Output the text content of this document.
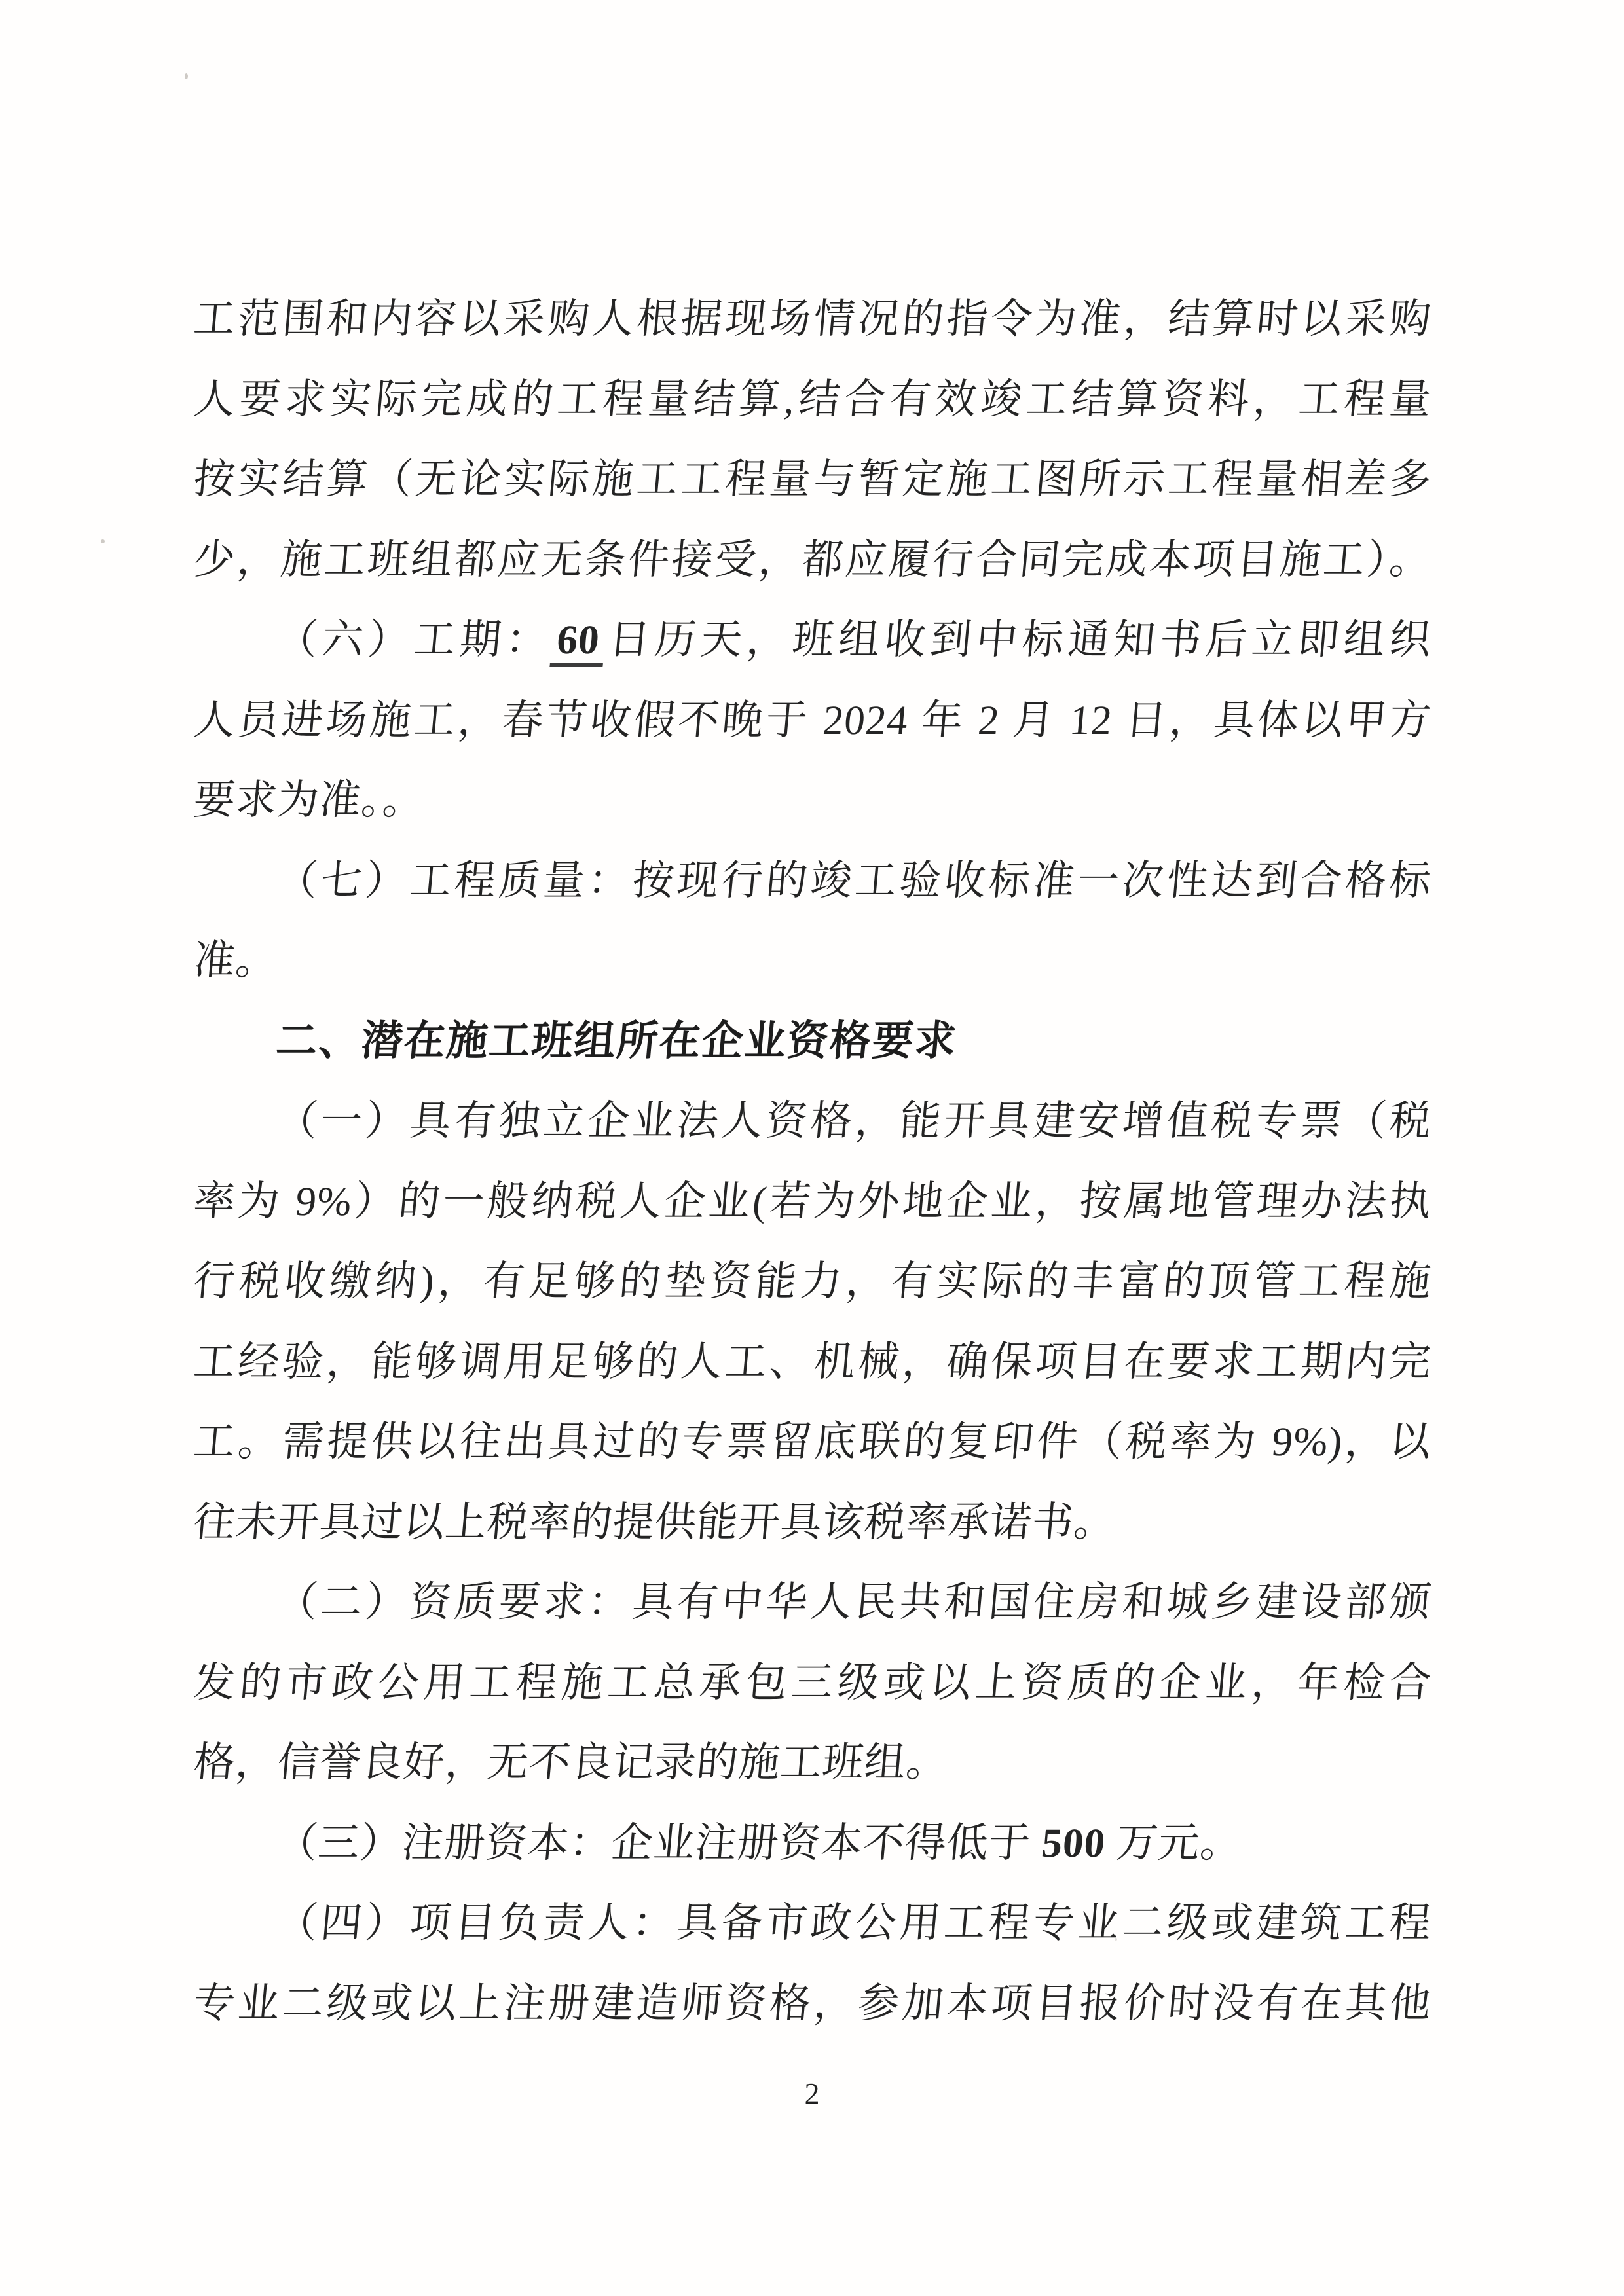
工范围和内容以采购人根据现场情况的指令为准，结算时以采购
人要求实际完成的工程量结算,结合有效竣工结算资料，工程量
按实结算（无论实际施工工程量与暂定施工图所示工程量相差多
少，施工班组都应无条件接受，都应履行合同完成本项目施工）。
（六）工期：60日历天，班组收到中标通知书后立即组织
人员进场施工，春节收假不晚于 2024 年 2 月 12 日，具体以甲方
要求为准。。
（七）工程质量：按现行的竣工验收标准一次性达到合格标
准。
二、潜在施工班组所在企业资格要求
（一）具有独立企业法人资格，能开具建安增值税专票（税
率为 9%）的一般纳税人企业(若为外地企业，按属地管理办法执
行税收缴纳)，有足够的垫资能力，有实际的丰富的顶管工程施
工经验，能够调用足够的人工、机械，确保项目在要求工期内完
工。需提供以往出具过的专票留底联的复印件（税率为 9%)，以
往未开具过以上税率的提供能开具该税率承诺书。
（二）资质要求：具有中华人民共和国住房和城乡建设部颁
发的市政公用工程施工总承包三级或以上资质的企业，年检合
格，信誉良好，无不良记录的施工班组。
（三）注册资本：企业注册资本不得低于 500 万元。
（四）项目负责人：具备市政公用工程专业二级或建筑工程
专业二级或以上注册建造师资格，参加本项目报价时没有在其他
2
